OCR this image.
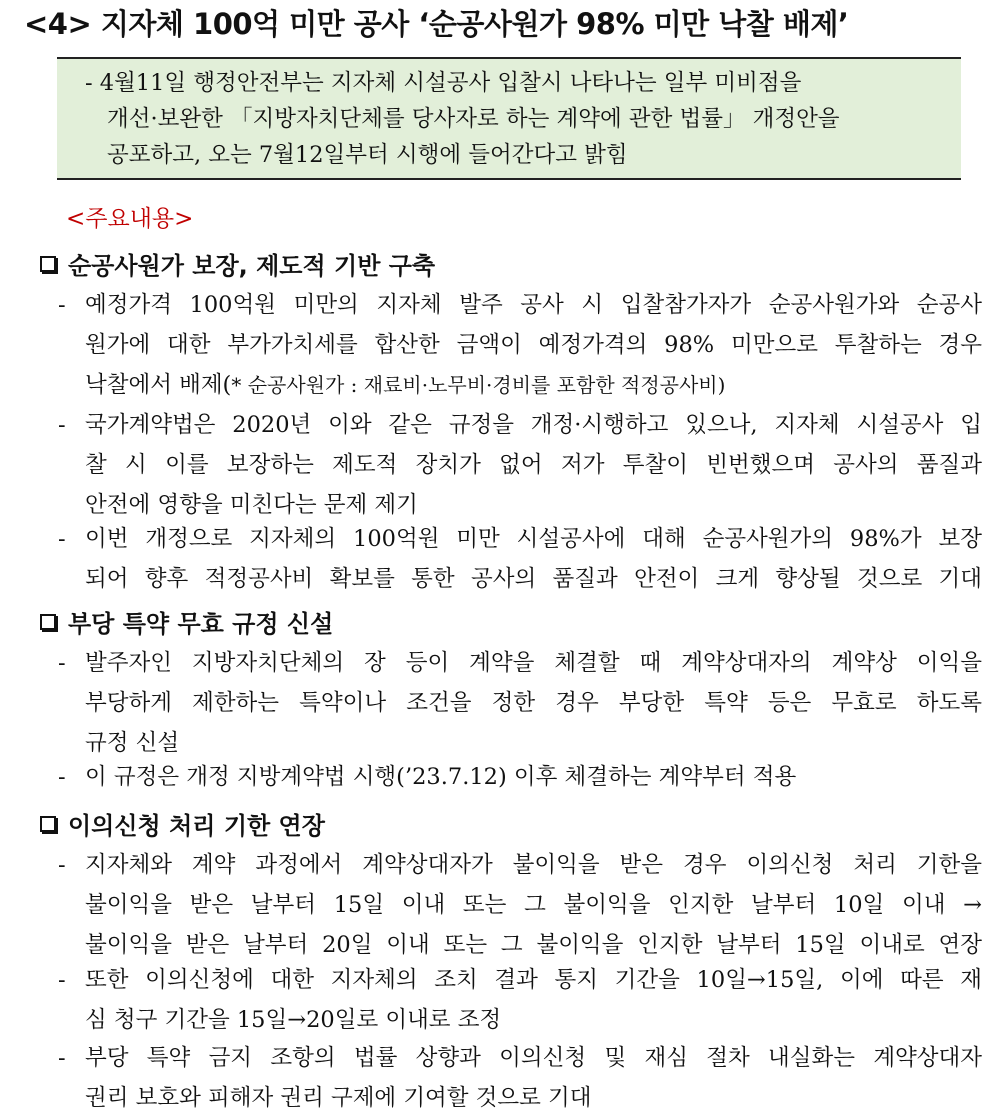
<4> 지자체 100억 미만 공사 ‘순공사원가 98% 미만 낙찰 배제’
- 4월11일 행정안전부는 지자체 시설공사 입찰시 나타나는 일부 미비점을
개선·보완한 「지방자치단체를 당사자로 하는 계약에 관한 법률」 개정안을
공포하고, 오는 7월12일부터 시행에 들어간다고 밝힘
<주요내용>
순공사원가 보장, 제도적 기반 구축
- 예정가격 100억원 미만의 지자체 발주 공사 시 입찰참가자가 순공사원가와 순공사
원가에 대한 부가가치세를 합산한 금액이 예정가격의 98% 미만으로 투찰하는 경우
낙찰에서 배제(* 순공사원가 : 재료비·노무비·경비를 포함한 적정공사비)
- 국가계약법은 2020년 이와 같은 규정을 개정·시행하고 있으나, 지자체 시설공사 입
찰 시 이를 보장하는 제도적 장치가 없어 저가 투찰이 빈번했으며 공사의 품질과
안전에 영향을 미친다는 문제 제기
- 이번 개정으로 지자체의 100억원 미만 시설공사에 대해 순공사원가의 98%가 보장
되어 향후 적정공사비 확보를 통한 공사의 품질과 안전이 크게 향상될 것으로 기대
부당 특약 무효 규정 신설
- 발주자인 지방자치단체의 장 등이 계약을 체결할 때 계약상대자의 계약상 이익을
부당하게 제한하는 특약이나 조건을 정한 경우 부당한 특약 등은 무효로 하도록
규정 신설
- 이 규정은 개정 지방계약법 시행(’23.7.12) 이후 체결하는 계약부터 적용
이의신청 처리 기한 연장
- 지자체와 계약 과정에서 계약상대자가 불이익을 받은 경우 이의신청 처리 기한을
불이익을 받은 날부터 15일 이내 또는 그 불이익을 인지한 날부터 10일 이내 →
불이익을 받은 날부터 20일 이내 또는 그 불이익을 인지한 날부터 15일 이내로 연장
- 또한 이의신청에 대한 지자체의 조치 결과 통지 기간을 10일→15일, 이에 따른 재
심 청구 기간을 15일→20일로 이내로 조정
- 부당 특약 금지 조항의 법률 상향과 이의신청 및 재심 절차 내실화는 계약상대자
권리 보호와 피해자 권리 구제에 기여할 것으로 기대
